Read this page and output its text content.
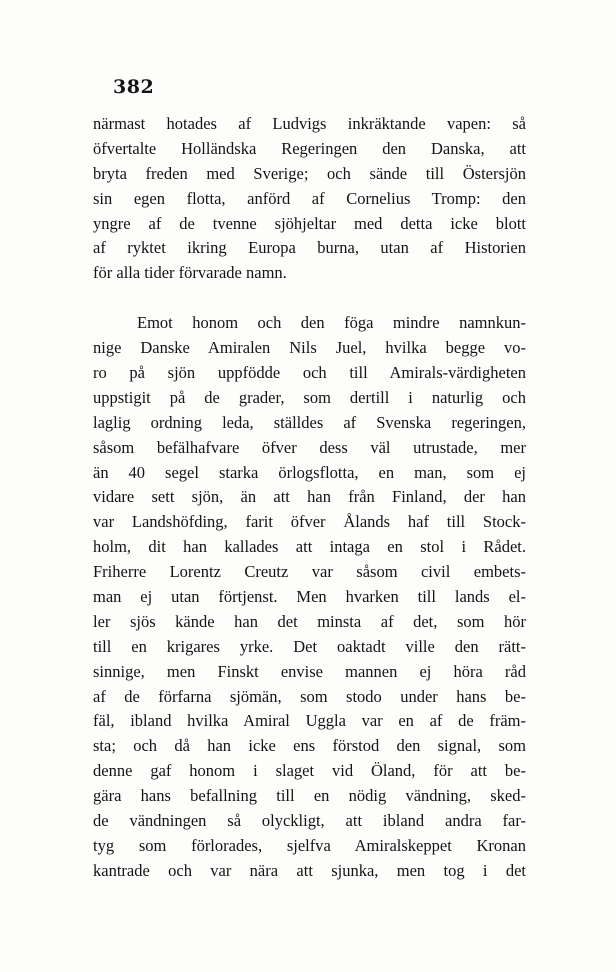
382
närmast hotades af Ludvigs inkräktande vapen: så
öfvertalte Holländska Regeringen den Danska, att
bryta freden med Sverige; och sände till Östersjön
sin egen flotta, anförd af Cornelius Tromp: den
yngre af de tvenne sjöhjeltar med detta icke blott
af ryktet ikring Europa burna, utan af Historien
för alla tider förvarade namn.
Emot honom och den föga mindre namnkun-
nige Danske Amiralen Nils Juel, hvilka begge vo-
ro på sjön uppfödde och till Amirals-värdigheten
uppstigit på de grader, som dertill i naturlig och
laglig ordning leda, ställdes af Svenska regeringen,
såsom befälhafvare öfver dess väl utrustade, mer
än 40 segel starka örlogsflotta, en man, som ej
vidare sett sjön, än att han från Finland, der han
var Landshöfding, farit öfver Ålands haf till Stock-
holm, dit han kallades att intaga en stol i Rådet.
Friherre Lorentz Creutz var såsom civil embets-
man ej utan förtjenst. Men hvarken till lands el-
ler sjös kände han det minsta af det, som hör
till en krigares yrke. Det oaktadt ville den rätt-
sinnige, men Finskt envise mannen ej höra råd
af de förfarna sjömän, som stodo under hans be-
fäl, ibland hvilka Amiral Uggla var en af de främ-
sta; och då han icke ens förstod den signal, som
denne gaf honom i slaget vid Öland, för att be-
gära hans befallning till en nödig vändning, sked-
de vändningen så olyckligt, att ibland andra far-
tyg som förlorades, sjelfva Amiralskeppet Kronan
kantrade och var nära att sjunka, men tog i det
